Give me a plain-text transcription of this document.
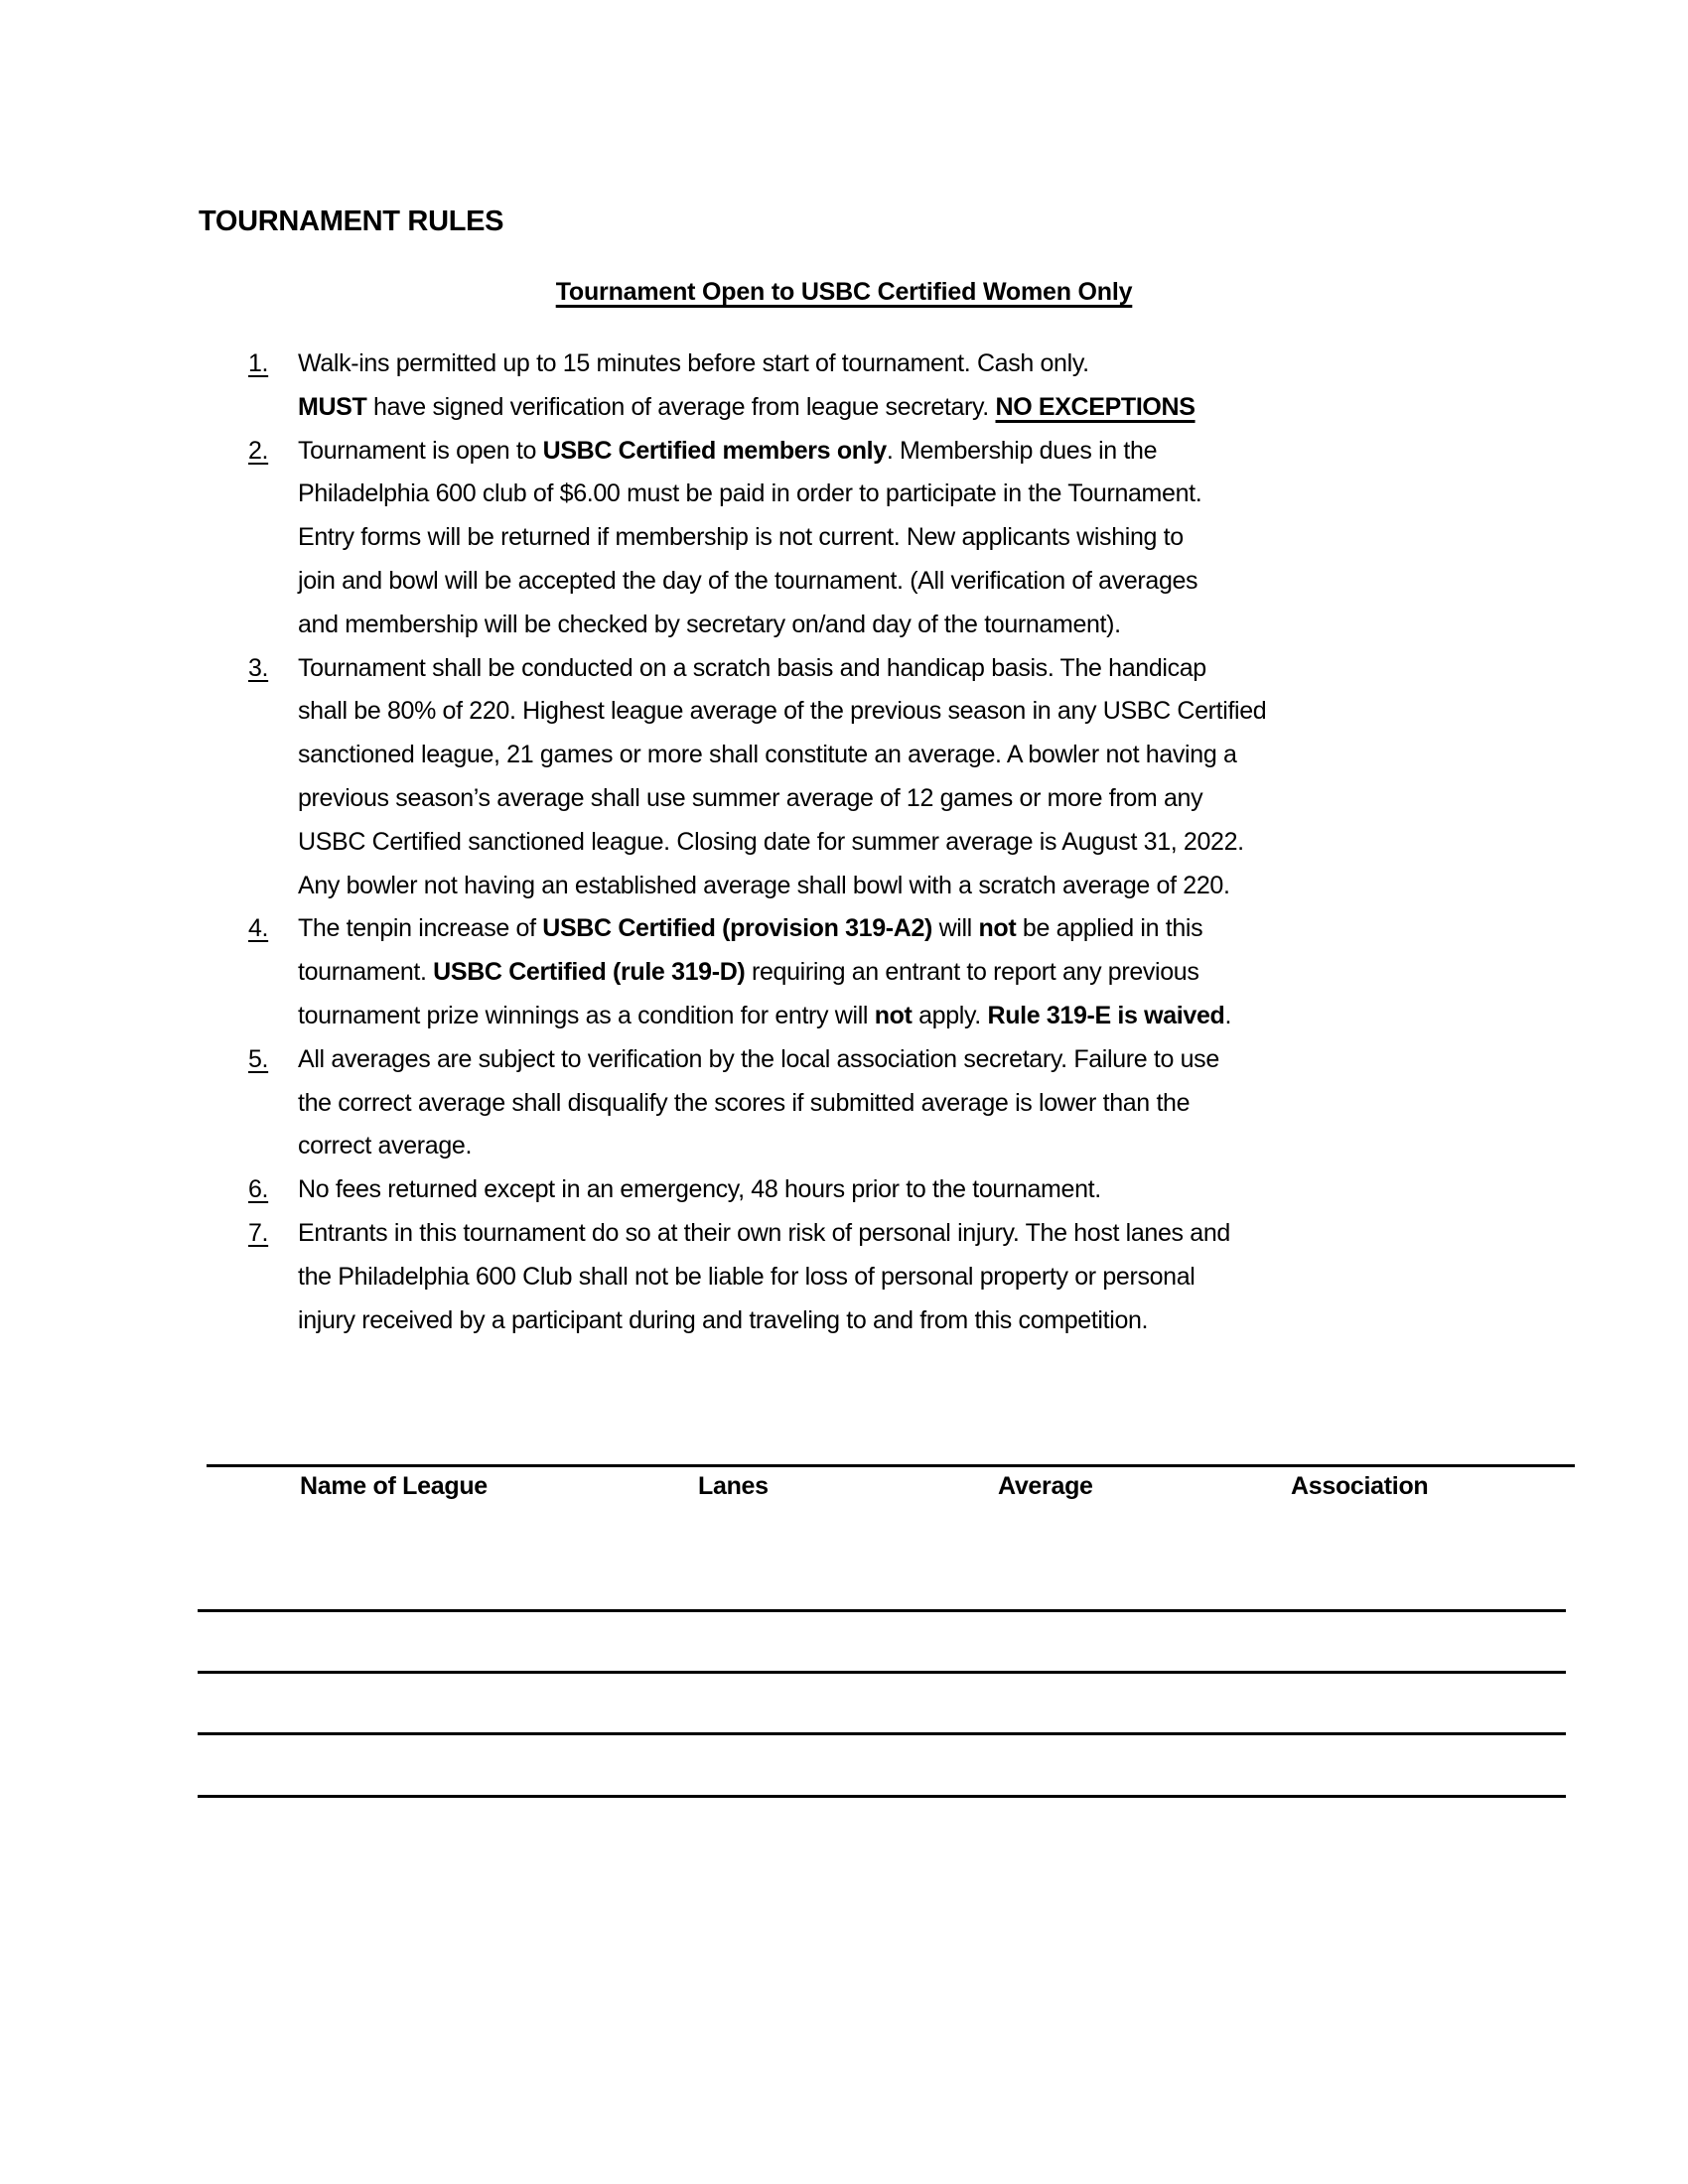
TOURNAMENT RULES
Tournament Open to USBC Certified Women Only
1. Walk-ins permitted up to 15 minutes before start of tournament. Cash only.
MUST have signed verification of average from league secretary. NO EXCEPTIONS
2. Tournament is open to USBC Certified members only. Membership dues in the
Philadelphia 600 club of $6.00 must be paid in order to participate in the Tournament.
Entry forms will be returned if membership is not current. New applicants wishing to
join and bowl will be accepted the day of the tournament. (All verification of averages
and membership will be checked by secretary on/and day of the tournament).
3. Tournament shall be conducted on a scratch basis and handicap basis. The handicap
shall be 80% of 220. Highest league average of the previous season in any USBC Certified
sanctioned league, 21 games or more shall constitute an average. A bowler not having a
previous season’s average shall use summer average of 12 games or more from any
USBC Certified sanctioned league. Closing date for summer average is August 31, 2022.
Any bowler not having an established average shall bowl with a scratch average of 220.
4. The tenpin increase of USBC Certified (provision 319-A2) will not be applied in this
tournament. USBC Certified (rule 319-D) requiring an entrant to report any previous
tournament prize winnings as a condition for entry will not apply. Rule 319-E is waived.
5. All averages are subject to verification by the local association secretary. Failure to use
the correct average shall disqualify the scores if submitted average is lower than the
correct average.
6. No fees returned except in an emergency, 48 hours prior to the tournament.
7. Entrants in this tournament do so at their own risk of personal injury. The host lanes and
the Philadelphia 600 Club shall not be liable for loss of personal property or personal
injury received by a participant during and traveling to and from this competition.
Name of League	Lanes	Average	Association
